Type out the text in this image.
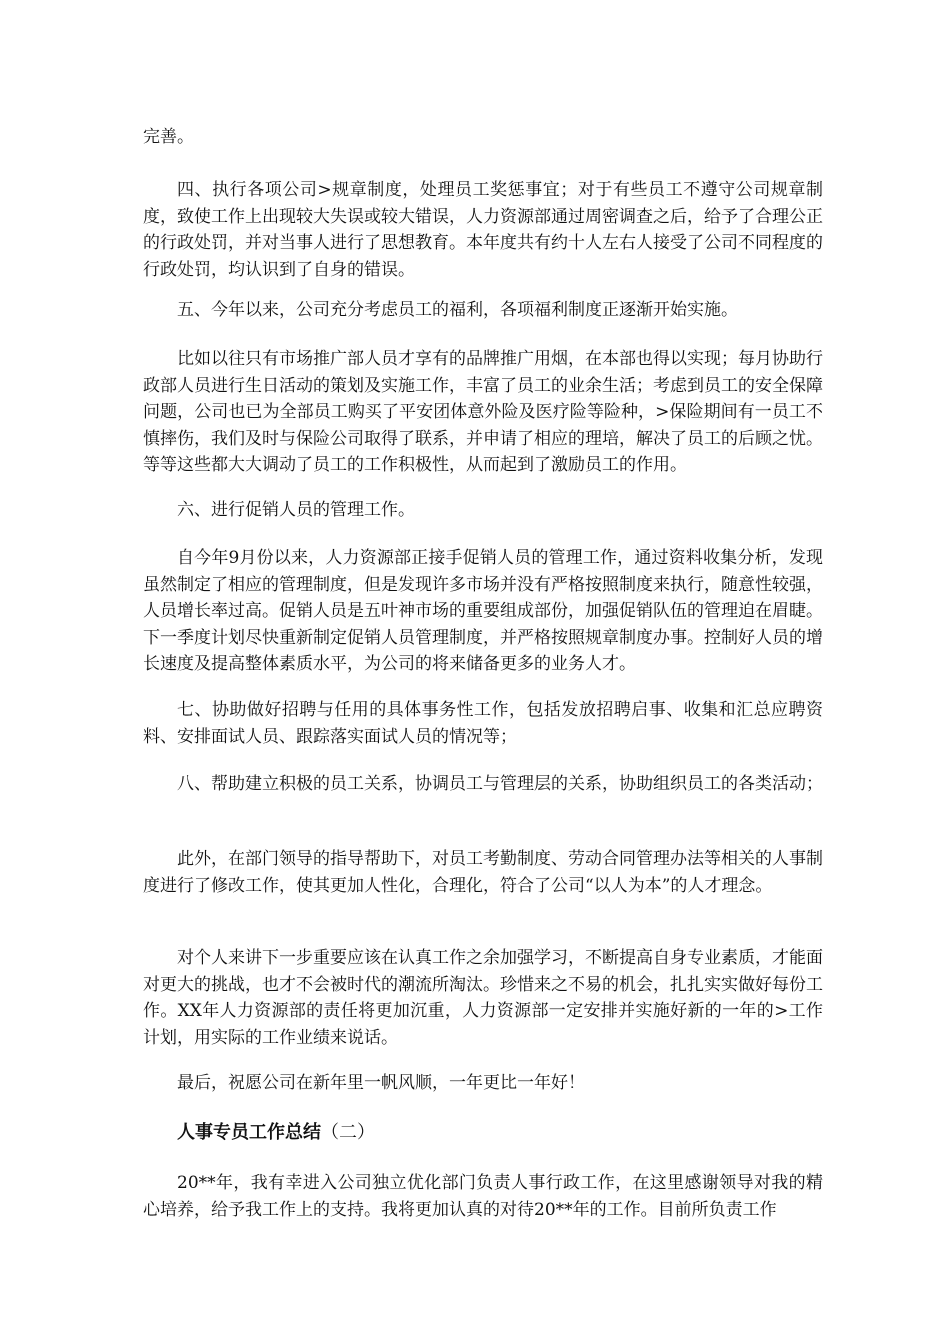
完善。

四、执行各项公司>规章制度，处理员工奖惩事宜；对于有些员工不遵守公司规章制度，致使工作上出现较大失误或较大错误，人力资源部通过周密调查之后，给予了合理公正的行政处罚，并对当事人进行了思想教育。本年度共有约十人左右人接受了公司不同程度的行政处罚，均认识到了自身的错误。

五、今年以来，公司充分考虑员工的福利，各项福利制度正逐渐开始实施。

比如以往只有市场推广部人员才享有的品牌推广用烟，在本部也得以实现；每月协助行政部人员进行生日活动的策划及实施工作，丰富了员工的业余生活；考虑到员工的安全保障问题，公司也已为全部员工购买了平安团体意外险及医疗险等险种，>保险期间有一员工不慎摔伤，我们及时与保险公司取得了联系，并申请了相应的理培，解决了员工的后顾之忧。等等这些都大大调动了员工的工作积极性，从而起到了激励员工的作用。

六、进行促销人员的管理工作。

自今年9月份以来，人力资源部正接手促销人员的管理工作，通过资料收集分析，发现虽然制定了相应的管理制度，但是发现许多市场并没有严格按照制度来执行，随意性较强，人员增长率过高。促销人员是五叶神市场的重要组成部份，加强促销队伍的管理迫在眉睫。下一季度计划尽快重新制定促销人员管理制度，并严格按照规章制度办事。控制好人员的增长速度及提高整体素质水平，为公司的将来储备更多的业务人才。

七、协助做好招聘与任用的具体事务性工作，包括发放招聘启事、收集和汇总应聘资料、安排面试人员、跟踪落实面试人员的情况等；

八、帮助建立积极的员工关系，协调员工与管理层的关系，协助组织员工的各类活动；

此外，在部门领导的指导帮助下，对员工考勤制度、劳动合同管理办法等相关的人事制度进行了修改工作，使其更加人性化，合理化，符合了公司“以人为本”的人才理念。

对个人来讲下一步重要应该在认真工作之余加强学习，不断提高自身专业素质，才能面对更大的挑战，也才不会被时代的潮流所淘汰。珍惜来之不易的机会，扎扎实实做好每份工作。XX年人力资源部的责任将更加沉重，人力资源部一定安排并实施好新的一年的>工作计划，用实际的工作业绩来说话。

最后，祝愿公司在新年里一帆风顺，一年更比一年好！

人事专员工作总结（二）

20**年，我有幸进入公司独立优化部门负责人事行政工作，在这里感谢领导对我的精心培养，给予我工作上的支持。我将更加认真的对待20**年的工作。目前所负责工作
